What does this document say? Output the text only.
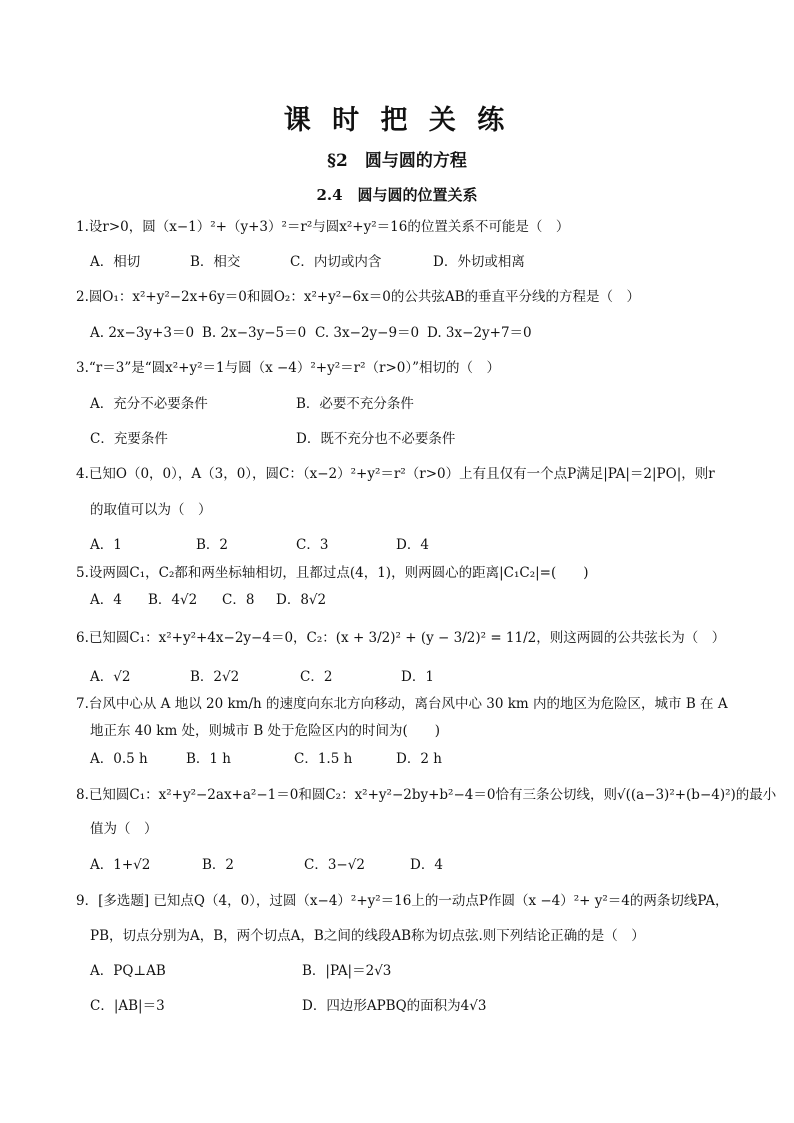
课 时 把 关 练
§2　圆与圆的方程
2.4　圆与圆的位置关系
1.设r>0，圆（x−1）²+（y+3）²＝r²与圆x²+y²＝16的位置关系不可能是（　）
A．相切	B．相交	C．内切或内含	D．外切或相离
2.圆O₁：x²+y²−2x+6y＝0和圆O₂：x²+y²−6x＝0的公共弦AB的垂直平分线的方程是（　）
A. 2x−3y+3＝0 B. 2x−3y−5＝0 C. 3x−2y−9＝0 D. 3x−2y+7＝0
3.“r＝3”是“圆x²+y²＝1与圆（x −4）²+y²＝r²（r>0）”相切的（　）
A．充分不必要条件	B．必要不充分条件
C．充要条件	D．既不充分也不必要条件
4.已知O（0，0），A（3，0），圆C：（x−2）²+y²＝r²（r>0）上有且仅有一个点P满足|PA|＝2|PO|，则r
的取值可以为（　）
A．1	B．2	C．3	D．4
5.设两圆C₁，C₂都和两坐标轴相切，且都过点(4，1)，则两圆心的距离|C₁C₂|=(　　)
A．4 B．4√2 C．8 D．8√2
6.已知圆C₁：x²+y²+4x−2y−4＝0，C₂：(x + 3/2)² + (y − 3/2)² = 11/2，则这两圆的公共弦长为（　）
A．√2	B．2√2	C．2	D．1
7.台风中心从 A 地以 20 km/h 的速度向东北方向移动，离台风中心 30 km 内的地区为危险区，城市 B 在 A
地正东 40 km 处，则城市 B 处于危险区内的时间为(　　)
A．0.5 h	B．1 h	C．1.5 h	D．2 h
8.已知圆C₁：x²+y²−2ax+a²−1＝0和圆C₂：x²+y²−2by+b²−4＝0恰有三条公切线，则√((a−3)²+(b−4)²)的最小
值为（　）
A．1+√2	B．2	C．3−√2	D．4
9．[多选题] 已知点Q（4，0），过圆（x−4）²+y²＝16上的一动点P作圆（x −4）²+ y²＝4的两条切线PA，
PB，切点分别为A，B，两个切点A，B之间的线段AB称为切点弦.则下列结论正确的是（　）
A．PQ⊥AB	B．|PA|＝2√3
C．|AB|＝3	D．四边形APBQ的面积为4√3
